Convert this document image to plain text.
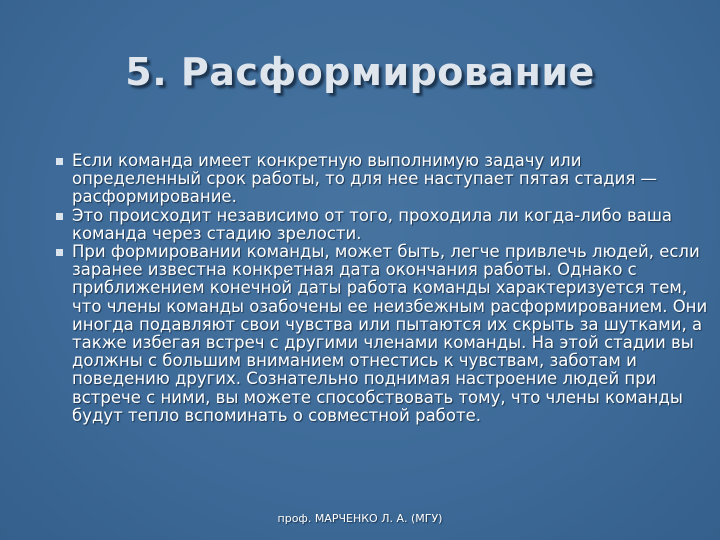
5. Расформирование
Если команда имеет конкретную выполнимую задачу или определенный срок работы, то для нее наступает пятая стадия — расформирование.
Это происходит независимо от того, проходила ли когда-либо ваша команда через стадию зрелости.
При формировании команды, может быть, легче привлечь людей, если заранее известна конкретная дата окончания работы. Однако с приближением конечной даты работа команды характеризуется тем, что члены команды озабочены ее неизбежным расформированием. Они иногда подавляют свои чувства или пытаются их скрыть за шутками, а также избегая встреч с другими членами команды. На этой стадии вы должны с большим вниманием отнестись к чувствам, заботам и поведению других. Сознательно поднимая настроение людей при встрече с ними, вы можете способствовать тому, что члены команды будут тепло вспоминать о совместной работе.
проф. МАРЧЕНКО Л. А. (МГУ)
